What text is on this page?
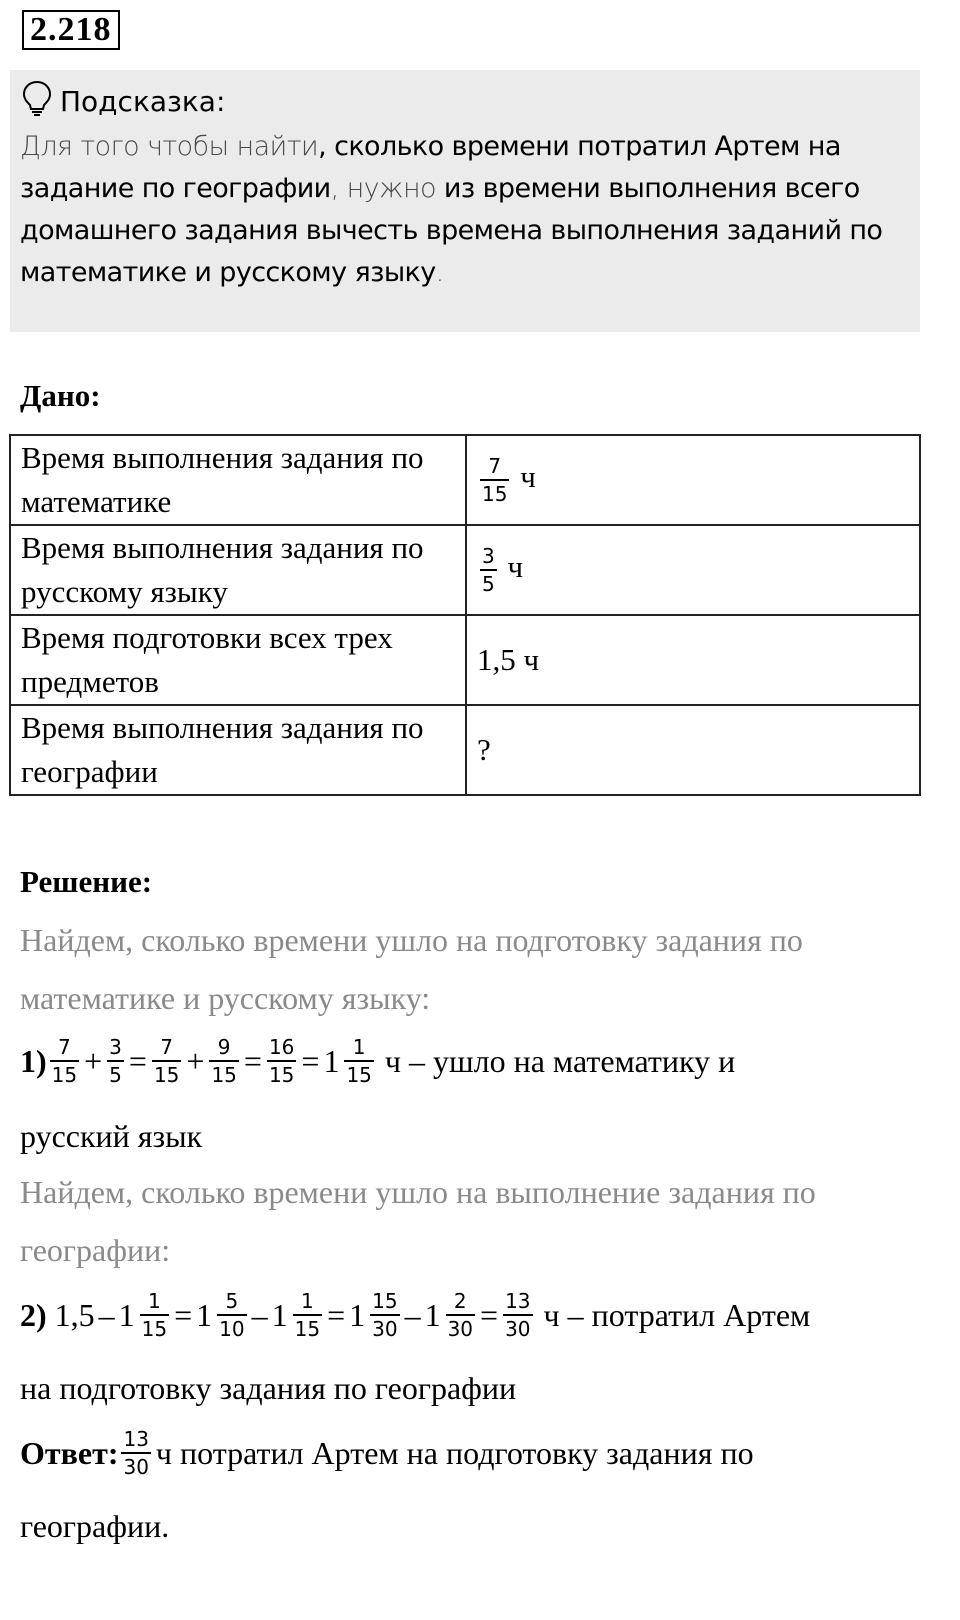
2.218
Подсказка:
Для того чтобы найти, сколько времени потратил Артем на задание по географии, нужно из времени выполнения всего домашнего задания вычесть времена выполнения заданий по математике и русскому языку.
Дано:
Время выполнения задания по математике	$\frac{7}{15}$ ч
Время выполнения задания по русскому языку	$\frac{3}{5}$ ч
Время подготовки всех трех предметов	1,5 ч
Время выполнения задания по географии	?
Решение:
Найдем, сколько времени ушло на подготовку задания по
математике и русскому языку:
$1) \frac{7}{15} + \frac{3}{5} = \frac{7}{15} + \frac{9}{15} = \frac{16}{15} = 1 \frac{1}{15}$ ч – ушло на математику и
русский язык
Найдем, сколько времени ушло на выполнение задания по
географии:
2) $1,5 - 1 \frac{1}{15} = 1 \frac{5}{10} - 1 \frac{1}{15} = 1 \frac{15}{30} - 1 \frac{2}{30} = \frac{13}{30}$ ч – потратил Артем
на подготовку задания по географии
Ответ: $\frac{13}{30}$ ч потратил Артем на подготовку задания по
географии.
